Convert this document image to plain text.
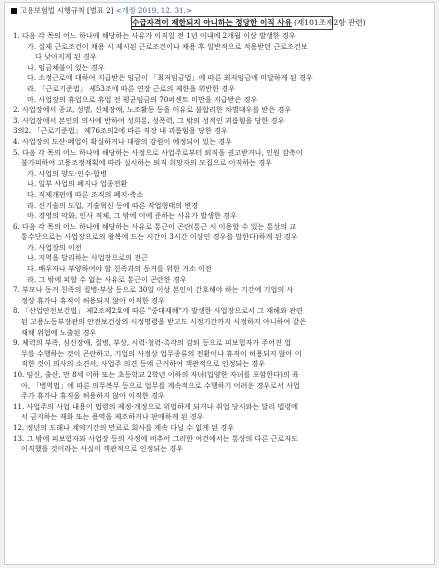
고용보험법 시행규칙 [별표 2] <개정 2019. 12. 31.>
수급자격이 제한되지 아니하는 정당한 이직 사유 (제101조제2항 관련)
1. 다음 각 목의 어느 하나에 해당하는 사유가 이직일 전 1년 이내에 2개월 이상 발생한 경우
가. 실제 근로조건이 채용 시 제시된 근로조건이나 채용 후 일반적으로 적용받던 근로조건보
다 낮아지게 된 경우
나. 임금체불이 있는 경우
다. 소정근로에 대하여 지급받은 임금이 「최저임금법」에 따른 최저임금에 미달하게 된 경우
라. 「근로기준법」 제53조에 따른 연장 근로의 제한을 위반한 경우
마. 사업장의 휴업으로 휴업 전 평균임금의 70퍼센트 미만을 지급받은 경우
2. 사업장에서 종교, 성별, 신체장애, 노조활동 등을 이유로 불합리한 차별대우를 받은 경우
3. 사업장에서 본인의 의사에 반하여 성희롱, 성폭력, 그 밖의 성적인 괴롭힘을 당한 경우
3의2. 「근로기준법」 제76조의2에 따른 직장 내 괴롭힘을 당한 경우
4. 사업장의 도산·폐업이 확실하거나 대량의 감원이 예정되어 있는 경우
5. 다음 각 목의 어느 하나에 해당하는 사정으로 사업주로부터 퇴직을 권고받거나, 인원 감축이
불가피하여 고용조정계획에 따라 실시하는 퇴직 희망자의 모집으로 이직하는 경우
가. 사업의 양도·인수·합병
나. 일부 사업의 폐지나 업종전환
다. 직제개편에 따른 조직의 폐지·축소
라. 신기술의 도입, 기술혁신 등에 따른 작업형태의 변경
마. 경영의 악화, 인사 적체, 그 밖에 이에 준하는 사유가 발생한 경우
6. 다음 각 목의 어느 하나에 해당하는 사유로 통근이 곤란(통근 시 이용할 수 있는 통상의 교
통수단으로는 사업장으로의 왕복에 드는 시간이 3시간 이상인 경우를 말한다)하게 된 경우
가. 사업장의 이전
나. 지역을 달리하는 사업장으로의 전근
다. 배우자나 부양하여야 할 친족과의 동거를 위한 거소 이전
라. 그 밖에 피할 수 없는 사유로 통근이 곤란한 경우
7. 부모나 동거 친족의 질병·부상 등으로 30일 이상 본인이 간호해야 하는 기간에 기업의 사
정상 휴가나 휴직이 허용되지 않아 이직한 경우
8. 「산업안전보건법」 제2조제2호에 따른 "중대재해"가 발생한 사업장으로서 그 재해와 관련
된 고용노동부장관의 안전보건상의 시정명령을 받고도 시정기간까지 시정하지 아니하여 같은
재해 위험에 노출된 경우
9. 체력의 부족, 심신장애, 질병, 부상, 시력·청력·촉각의 감퇴 등으로 피보험자가 주어진 업
무를 수행하는 것이 곤란하고, 기업의 사정상 업무종류의 전환이나 휴직이 허용되지 않아 이
직한 것이 의사의 소견서, 사업주 의견 등에 근거하여 객관적으로 인정되는 경우
10. 임신, 출산, 만 8세 이하 또는 초등학교 2학년 이하의 자녀(입양한 자녀를 포함한다)의 육
아, 「병역법」에 따른 의무복무 등으로 업무를 계속적으로 수행하기 어려운 경우로서 사업
주가 휴가나 휴직을 허용하지 않아 이직한 경우
11. 사업주의 사업 내용이 법령의 제정·개정으로 위법하게 되거나 취업 당시와는 달리 법령에
서 금지하는 재화 또는 용역을 제조하거나 판매하게 된 경우
12. 정년의 도래나 계약기간의 만료로 회사를 계속 다닐 수 없게 된 경우
13. 그 밖에 피보험자와 사업장 등의 사정에 비추어 그러한 여건에서는 통상의 다른 근로자도
이직했을 것이라는 사실이 객관적으로 인정되는 경우
